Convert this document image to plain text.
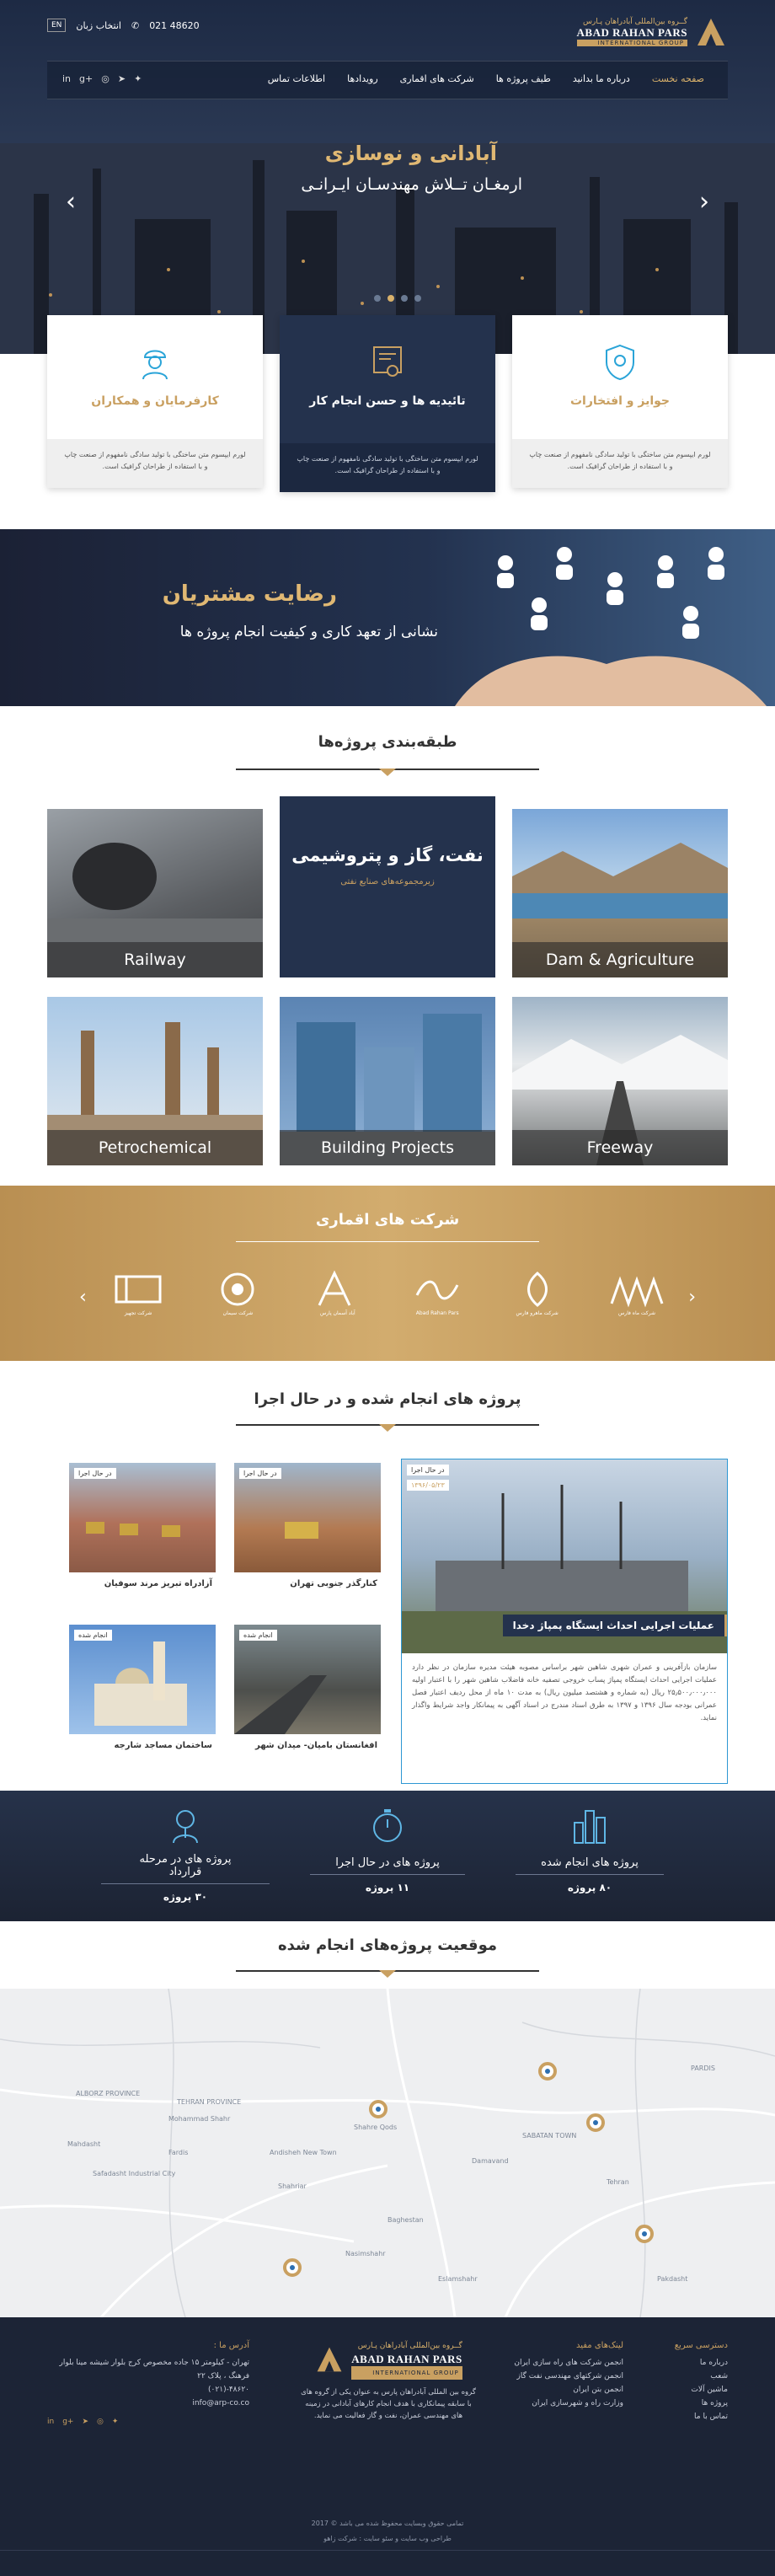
گــروه بین‌المللی آبادراهان پـارس
ABAD RAHAN PARS
INTERNATIONAL GROUP
EN	انتخاب زبان ✆ 021 48620
صفحه نخست
درباره ما بدانید
طیف پروژه ها
شرکت های اقماری
رویدادها
اطلاعات تماس
in g+ ◎ ➤ ✦
آبادانی و نوسازی
ارمغـان تــلاش مهندسـان ایـرانـی
‹	›
جوایز و افتخارات
لورم ایپسوم متن ساختگی با تولید سادگی نامفهوم از صنعت چاپ و با استفاده از طراحان گرافیک است.
تائیدیه ها و حسن انجام کار
لورم ایپسوم متن ساختگی با تولید سادگی نامفهوم از صنعت چاپ و با استفاده از طراحان گرافیک است.
کارفرمایان و همکاران
لورم ایپسوم متن ساختگی با تولید سادگی نامفهوم از صنعت چاپ و با استفاده از طراحان گرافیک است.
رضایت مشتریان
نشانی از تعهد کاری و کیفیت انجام پروژه ها
طبقه‌بندی پروژه‌ها
Railway
نفت، گاز و پتروشیمی
زیرمجموعه‌های صنایع نفتی
Dam & Agriculture
Petrochemical	Building Projects	Freeway
شرکت های اقماری
‹	›
شرکت ماه فارس
شرکت ماهرو فارس
Abad Rahan Pars
آباد آسمان پارس
شرکت سیمان
شرکت تجهیز
پروژه‌ های انجام شده و در حال اجرا
در حال اجرا
۱۳۹۶/۰۵/۲۳
عملیات اجرایی احداث ایستگاه پمپاژ دخدا
سازمان بازآفرینی و عمران شهری شاهین شهر براساس مصوبه هیئت مدیره سازمان در نظر دارد عملیات اجرایی احداث ایستگاه پمپاژ پساب خروجی تصفیه خانه فاضلاب شاهین شهر را با اعتبار اولیه ۲۵٫۵۰۰٫۰۰۰٫۰۰۰ ریال (به شماره و هشتصد میلیون ریال) به مدت ۱۰ ماه از محل ردیف اعتبار فصل عمرانی بودجه سال ۱۳۹۶ و ۱۳۹۷ به طرق اسناد مندرج در اسناد آگهی به پیمانکار واجد شرایط واگذار نماید.
در حال اجرا
کنارگذر جنوبی تهران
در حال اجرا
آزادراه تبریز مرند سوفیان
انجام شده
افغانستان بامیان- میدان شهر
انجام شده
ساختمان مساجد شارجه
پروژه های انجام شده
۸۰ پروژه
پروژه های در حال اجرا
۱۱ پروژه
پروژه های در مرحله قرارداد
۳۰ پروژه
موقعیت پروژه‌های انجام شده
ALBORZ PROVINCE
TEHRAN PROVINCE
Mohammad Shahr
Mahdasht
Fardis
Safadasht Industrial City
Andisheh New Town
Shahriar
Baghestan
Tehran
SABATAN TOWN
PARDIS
Eslamshahr
Nasimshahr
Shahre Qods
Damavand
Pakdasht
دسترسی سریع
درباره ما
شعب
ماشین آلات
پروژه ها
تماس با ما
لینک‌های مفید
انجمن شرکت های راه سازی ایران
انجمن شرکتهای مهندسی نفت گاز
انجمن بتن ایران
وزارت راه و شهرسازی ایران
گــروه بین‌المللی آبادراهان پـارس
ABAD RAHAN PARS
INTERNATIONAL GROUP
گروه بین المللی آبادراهان پارس به عنوان یکی از گروه های با سابقه پیمانکاری با هدف انجام کارهای آبادانی در زمینه های مهندسی عمران، نفت و گاز فعالیت می نماید.
آدرس ما :
تهران - کیلومتر ۱۵ جاده مخصوص کرج بلوار شیشه مینا بلوار فرهنگ ، پلاک ۲۲
۴۸۶۲۰-(۰۲۱)
info@arp-co.co
in g+ ➤ ◎ ✦
تمامی حقوق وبسایت محفوظ شده می باشد © 2017
طراحی وب سایت و سئو سایت : شرکت زاهو
